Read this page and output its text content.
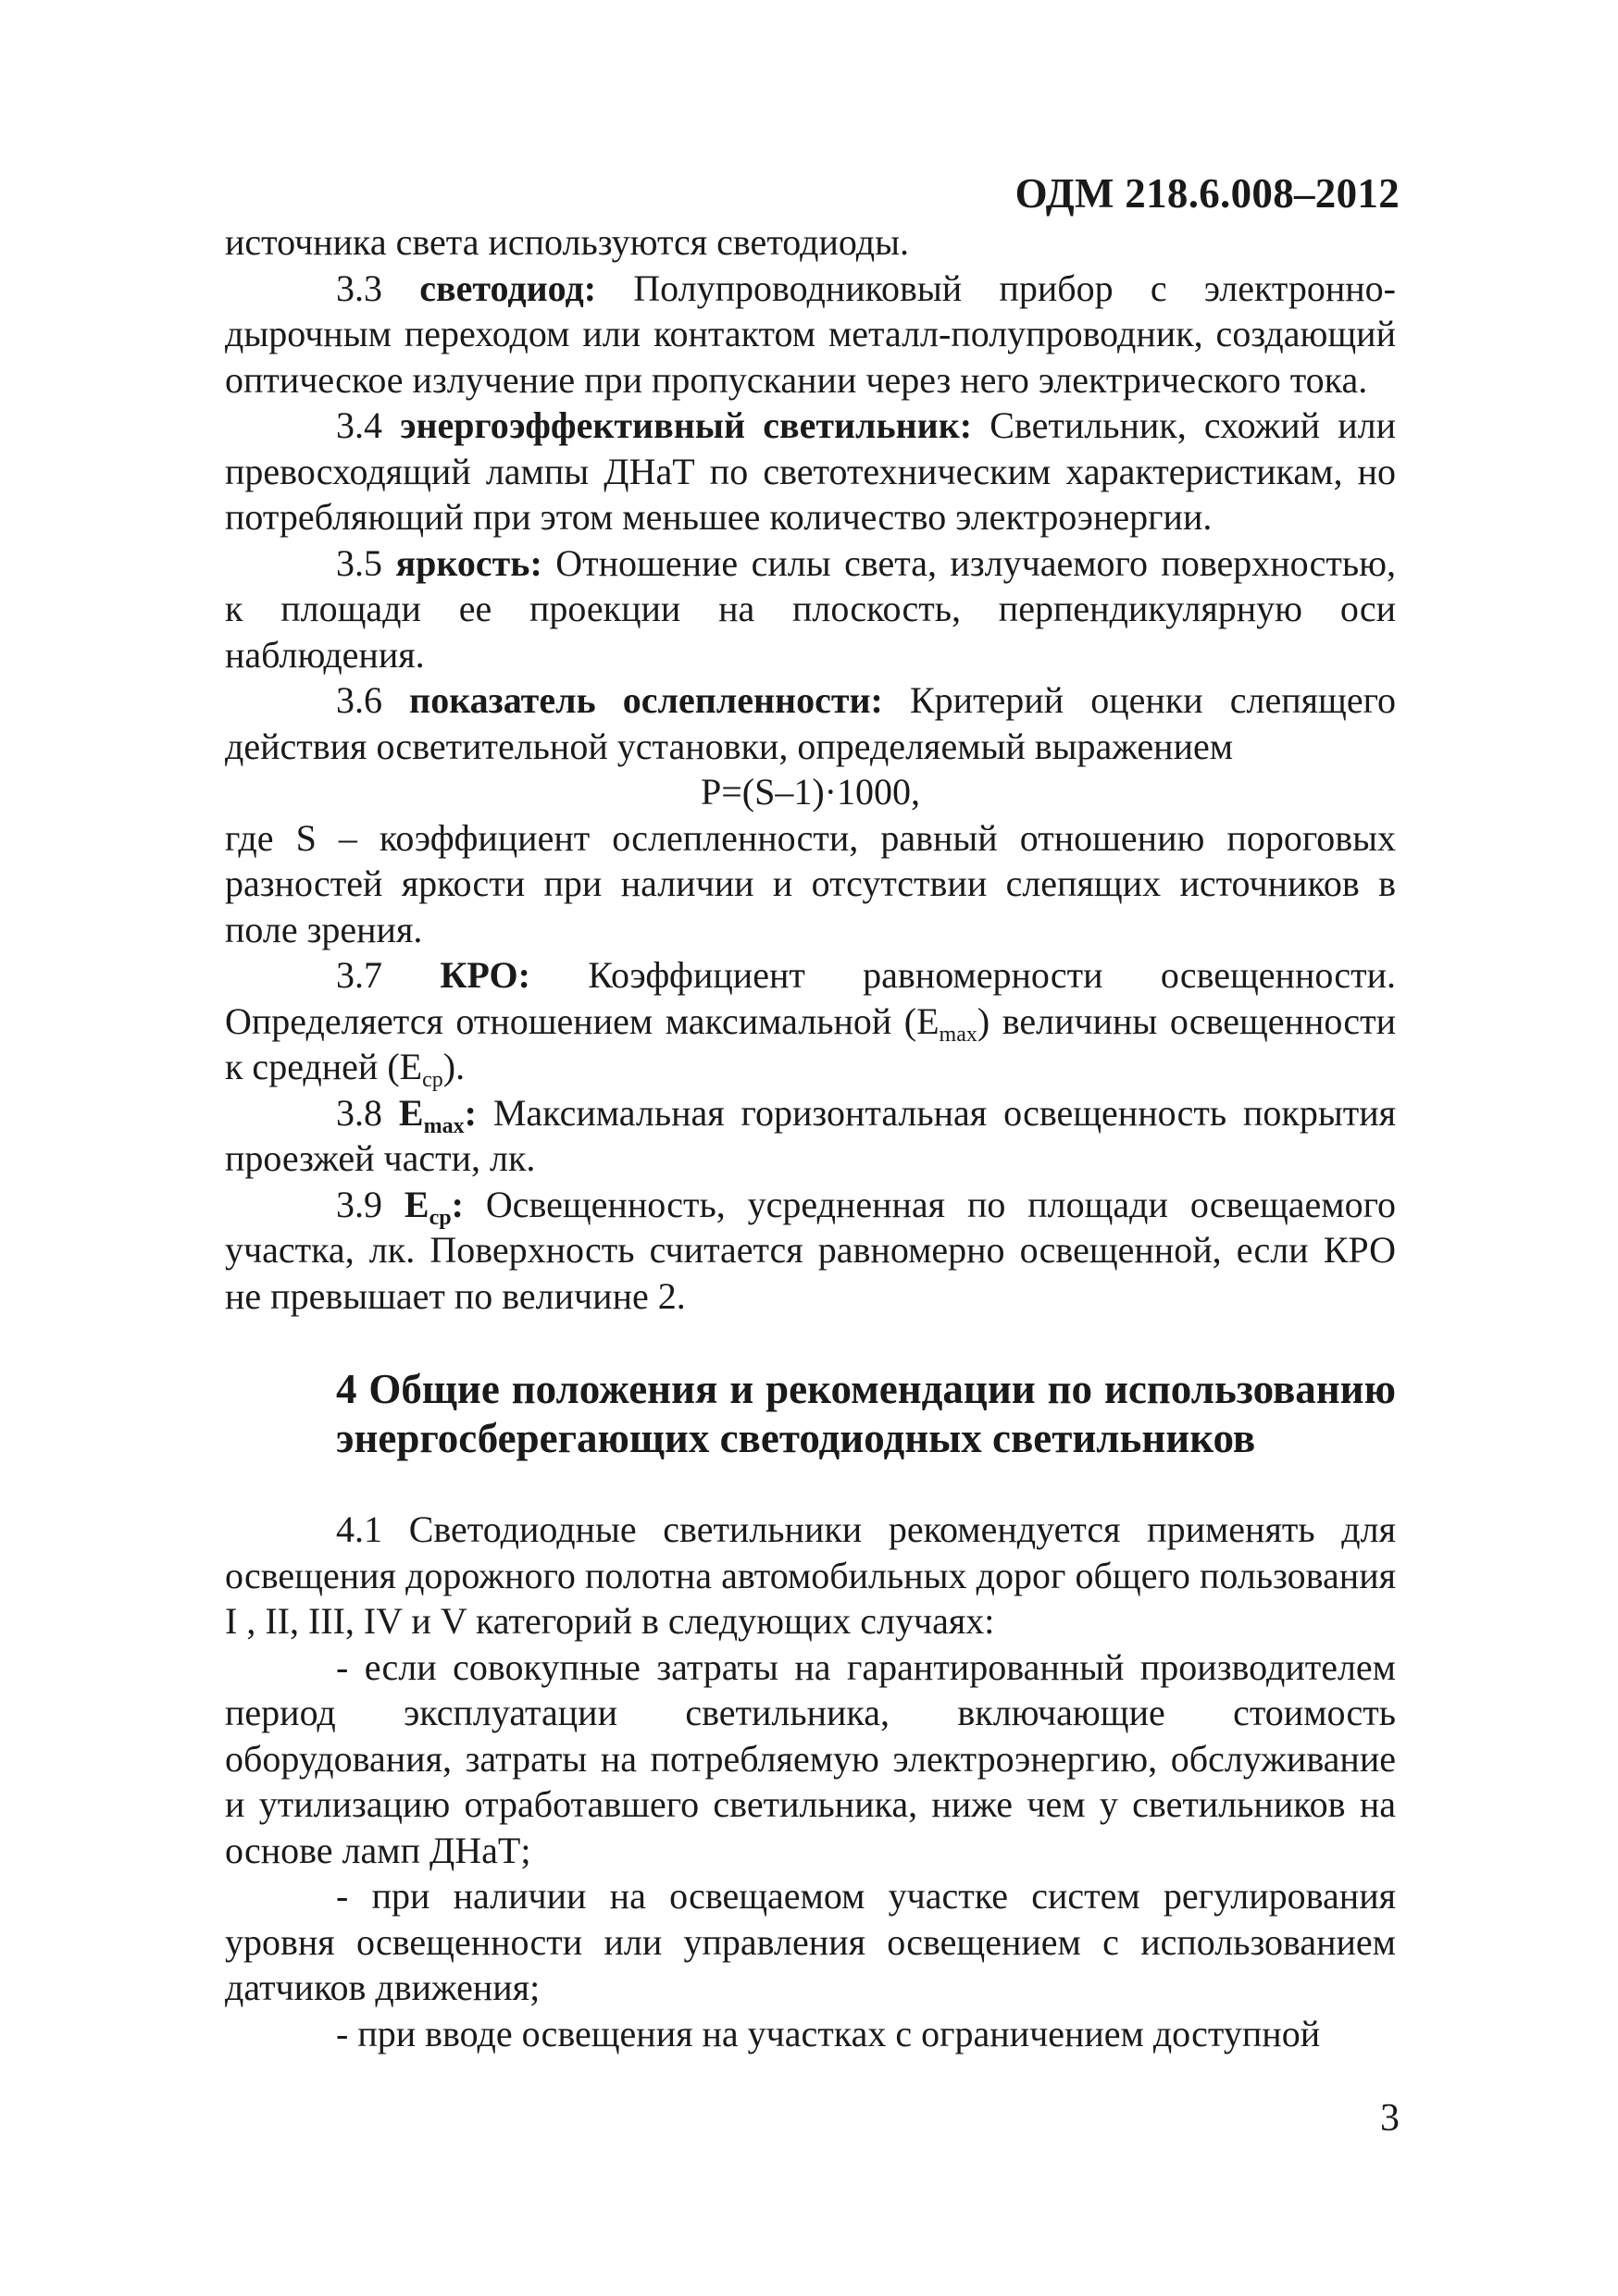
ОДМ 218.6.008–2012

источника света используются светодиоды.

3.3 светодиод: Полупроводниковый прибор с электронно-дырочным переходом или контактом металл-полупроводник, создающий оптическое излучение при пропускании через него электрического тока.

3.4 энергоэффективный светильник: Светильник, схожий или превосходящий лампы ДНаТ по светотехническим характеристикам, но потребляющий при этом меньшее количество электроэнергии.

3.5 яркость: Отношение силы света, излучаемого поверхностью, к площади ее проекции на плоскость, перпендикулярную оси наблюдения.

3.6 показатель ослепленности: Критерий оценки слепящего действия осветительной установки, определяемый выражением

P=(S–1)·1000,

где S – коэффициент ослепленности, равный отношению пороговых разностей яркости при наличии и отсутствии слепящих источников в поле зрения.

3.7 КРО: Коэффициент равномерности освещенности. Определяется отношением максимальной $(E_{max})$ величины освещенности к средней $(E_{ср})$.

3.8 $E_{max}$: Максимальная горизонтальная освещенность покрытия проезжей части, лк.

3.9 $E_{ср}$: Освещенность, усредненная по площади освещаемого участка, лк. Поверхность считается равномерно освещенной, если КРО не превышает по величине 2.

4 Общие положения и рекомендации по использованию энергосберегающих светодиодных светильников

4.1 Светодиодные светильники рекомендуется применять для освещения дорожного полотна автомобильных дорог общего пользования I , II, III, IV и V категорий в следующих случаях:

- если совокупные затраты на гарантированный производителем период эксплуатации светильника, включающие стоимость оборудования, затраты на потребляемую электроэнергию, обслуживание и утилизацию отработавшего светильника, ниже чем у светильников на основе ламп ДНаТ;

- при наличии на освещаемом участке систем регулирования уровня освещенности или управления освещением с использованием датчиков движения;

- при вводе освещения на участках с ограничением доступной

3
